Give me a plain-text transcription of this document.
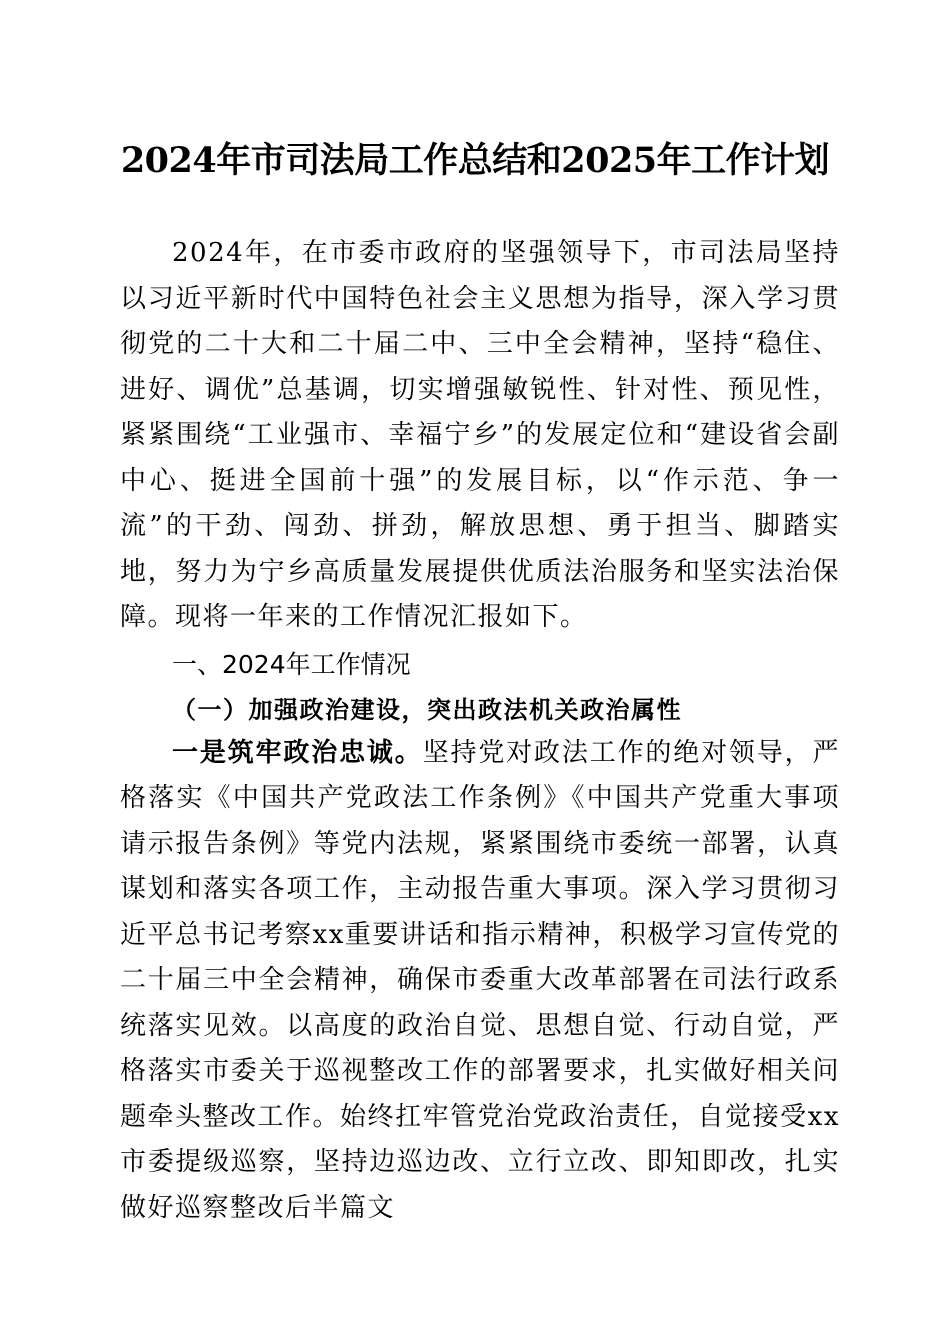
2024年市司法局工作总结和2025年工作计划

2024年，在市委市政府的坚强领导下，市司法局坚持以习近平新时代中国特色社会主义思想为指导，深入学习贯彻党的二十大和二十届二中、三中全会精神，坚持“稳住、进好、调优”总基调，切实增强敏锐性、针对性、预见性，紧紧围绕“工业强市、幸福宁乡”的发展定位和“建设省会副中心、挺进全国前十强”的发展目标，以“作示范、争一流”的干劲、闯劲、拼劲，解放思想、勇于担当、脚踏实地，努力为宁乡高质量发展提供优质法治服务和坚实法治保障。现将一年来的工作情况汇报如下。

一、2024年工作情况
（一）加强政治建设，突出政法机关政治属性

一是筑牢政治忠诚。坚持党对政法工作的绝对领导，严格落实《中国共产党政法工作条例》《中国共产党重大事项请示报告条例》等党内法规，紧紧围绕市委统一部署，认真谋划和落实各项工作，主动报告重大事项。深入学习贯彻习近平总书记考察xx重要讲话和指示精神，积极学习宣传党的二十届三中全会精神，确保市委重大改革部署在司法行政系统落实见效。以高度的政治自觉、思想自觉、行动自觉，严格落实市委关于巡视整改工作的部署要求，扎实做好相关问题牵头整改工作。始终扛牢管党治党政治责任，自觉接受xx市委提级巡察，坚持边巡边改、立行立改、即知即改，扎实做好巡察整改后半篇文
